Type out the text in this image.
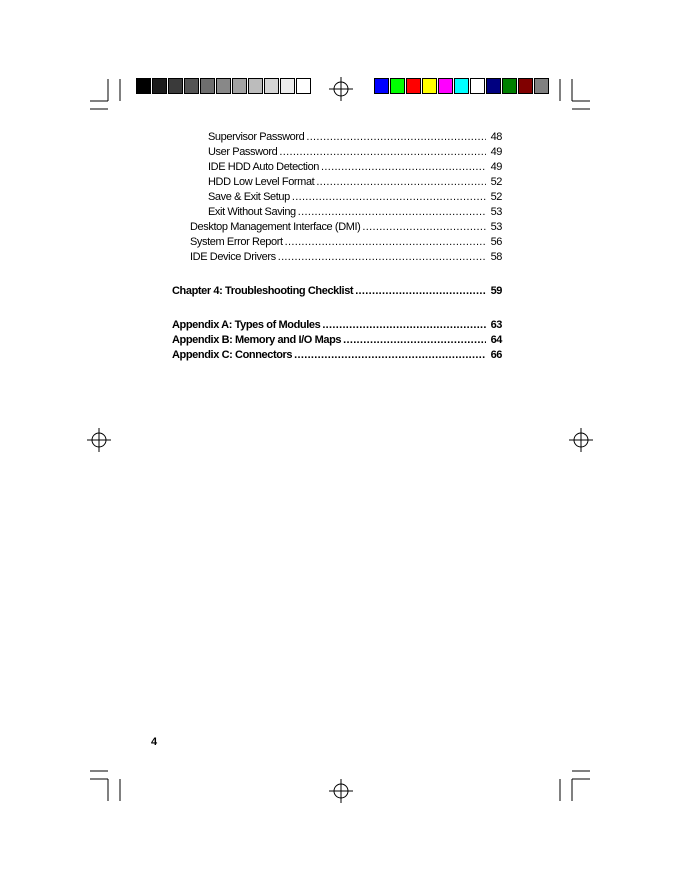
Supervisor Password .....	48
User Password .....	49
IDE HDD Auto Detection .....	49
HDD Low Level Format .....	52
Save & Exit Setup .....	52
Exit Without Saving .....	53
Desktop Management Interface (DMI) .....	53
System Error Report .....	56
IDE Device Drivers .....	58
Chapter 4: Troubleshooting Checklist .....	59
Appendix A: Types of Modules .....	63
Appendix B: Memory and I/O Maps .....	64
Appendix C: Connectors .....	66
4
